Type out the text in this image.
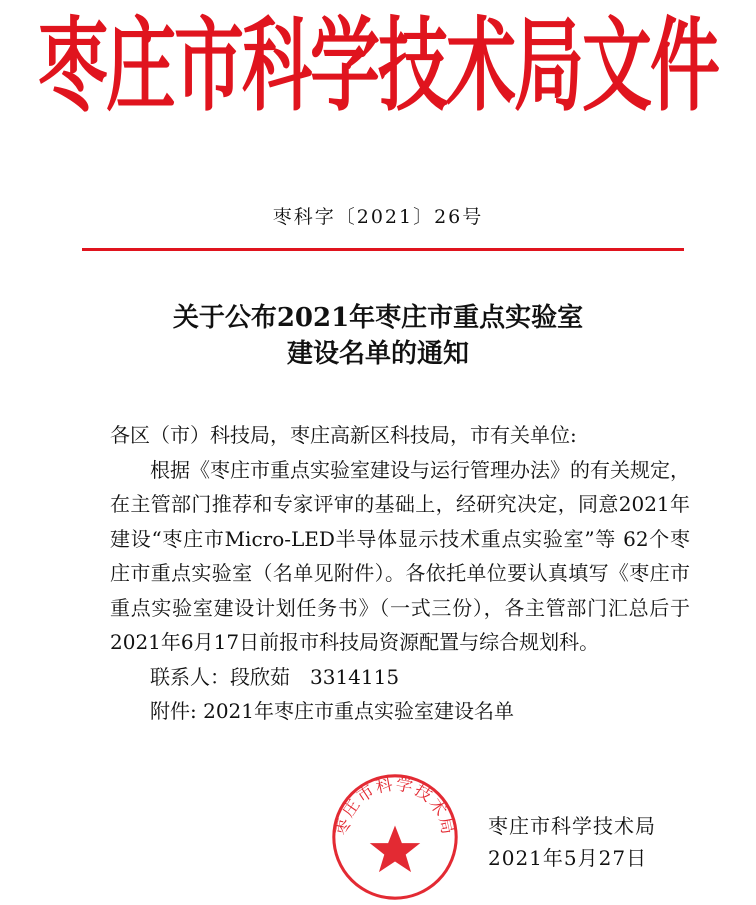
枣庄市科学技术局文件
枣科字〔2021〕26号
关于公布2021年枣庄市重点实验室
建设名单的通知

各区（市）科技局，枣庄高新区科技局，市有关单位:

根据《枣庄市重点实验室建设与运行管理办法》的有关规定，在主管部门推荐和专家评审的基础上，经研究决定，同意2021年建设“枣庄市Micro-LED半导体显示技术重点实验室”等 62个枣庄市重点实验室（名单见附件）。各依托单位要认真填写《枣庄市重点实验室建设计划任务书》（一式三份），各主管部门汇总后于2021年6月17日前报市科技局资源配置与综合规划科。

联系人：段欣茹　3314115

附件: 2021年枣庄市重点实验室建设名单

枣庄市科学技术局
2021年5月27日
枣庄市科学技术局
